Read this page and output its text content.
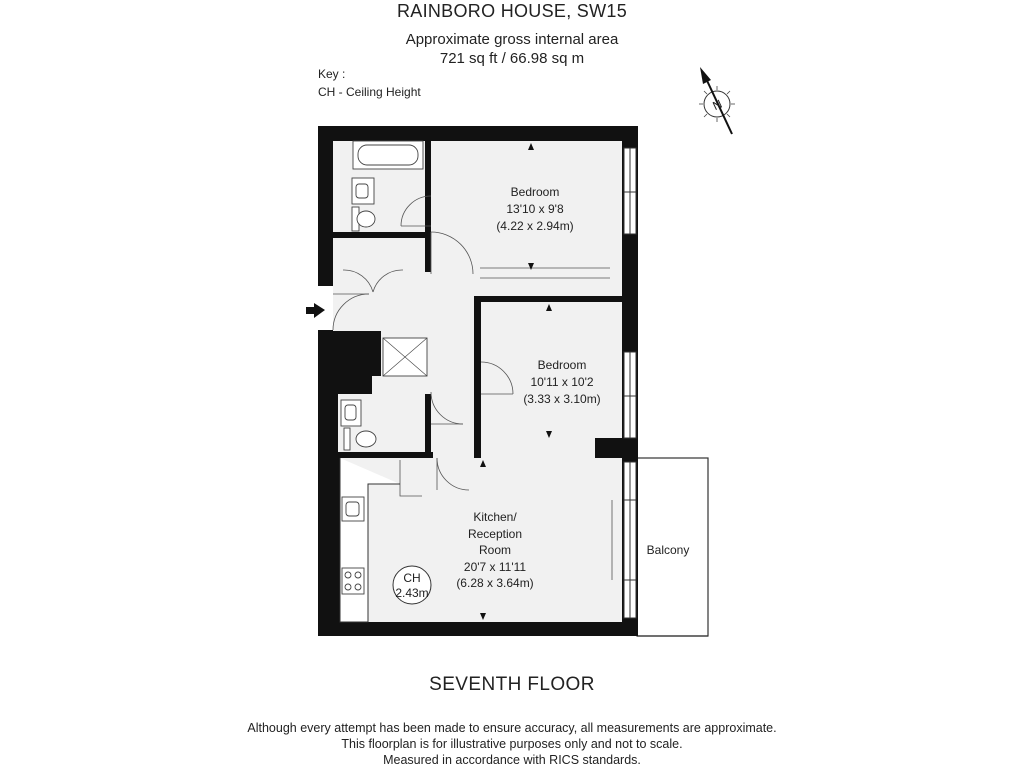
RAINBORO HOUSE, SW15
Approximate gross internal area
721 sq ft / 66.98 sq m
Key :
CH - Ceiling Height
N
Bedroom
13'10 x 9'8
(4.22 x 2.94m)
Bedroom
10'11 x 10'2
(3.33 x 3.10m)
Kitchen/
Reception
Room
20'7 x 11'11
(6.28 x 3.64m)
Balcony
CH
2.43m
SEVENTH FLOOR
Although every attempt has been made to ensure accuracy, all measurements are approximate.
This floorplan is for illustrative purposes only and not to scale.
Measured in accordance with RICS standards.
